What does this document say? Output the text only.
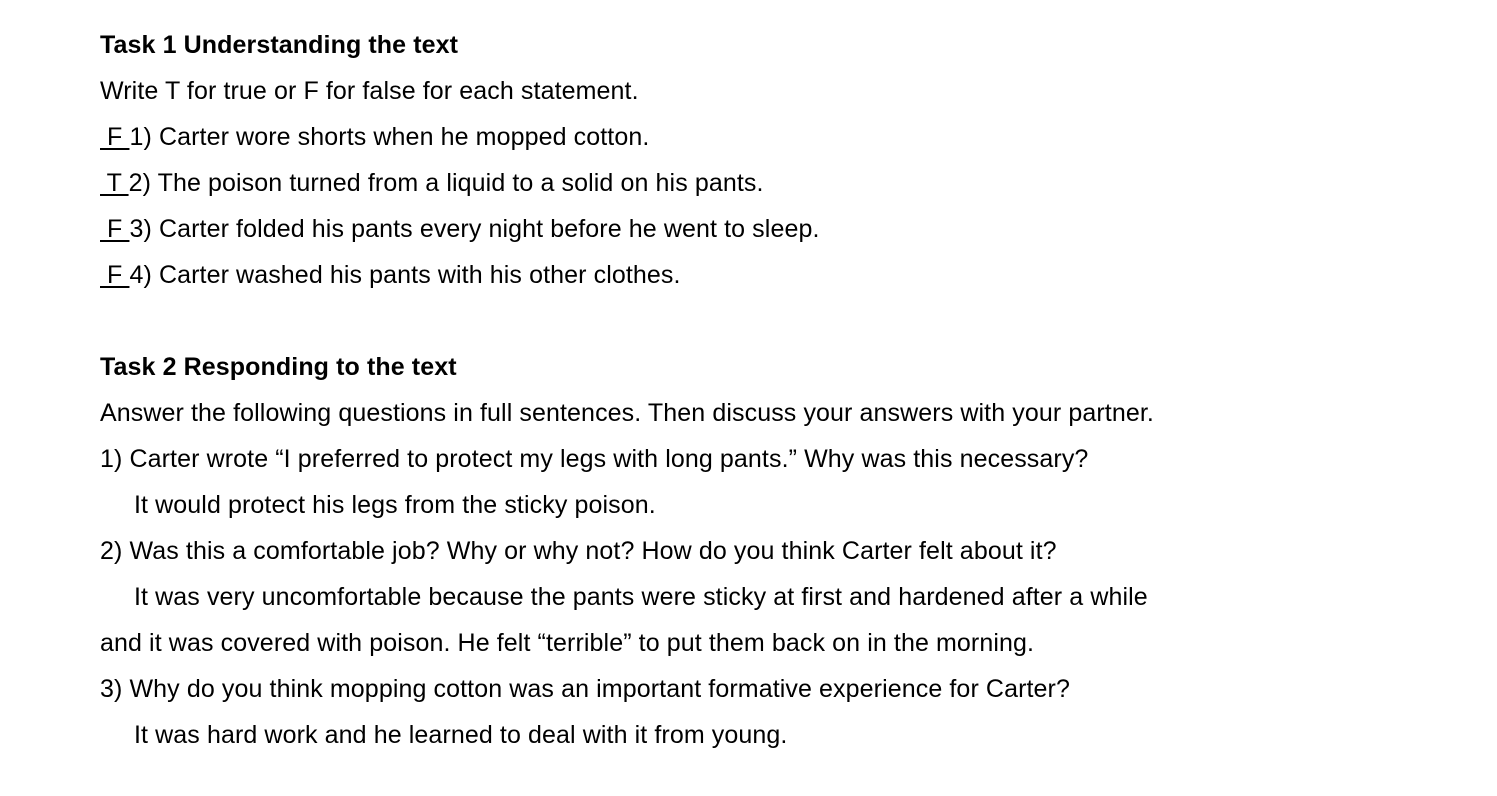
Task 1 Understanding the text
Write T for true or F for false for each statement.
F 1) Carter wore shorts when he mopped cotton.
T 2) The poison turned from a liquid to a solid on his pants.
F 3) Carter folded his pants every night before he went to sleep.
F 4) Carter washed his pants with his other clothes.
Task 2 Responding to the text
Answer the following questions in full sentences. Then discuss your answers with your partner.
1) Carter wrote “I preferred to protect my legs with long pants.” Why was this necessary?
It would protect his legs from the sticky poison.
2) Was this a comfortable job? Why or why not? How do you think Carter felt about it?
It was very uncomfortable because the pants were sticky at first and hardened after a while
and it was covered with poison. He felt “terrible” to put them back on in the morning.
3) Why do you think mopping cotton was an important formative experience for Carter?
It was hard work and he learned to deal with it from young.
